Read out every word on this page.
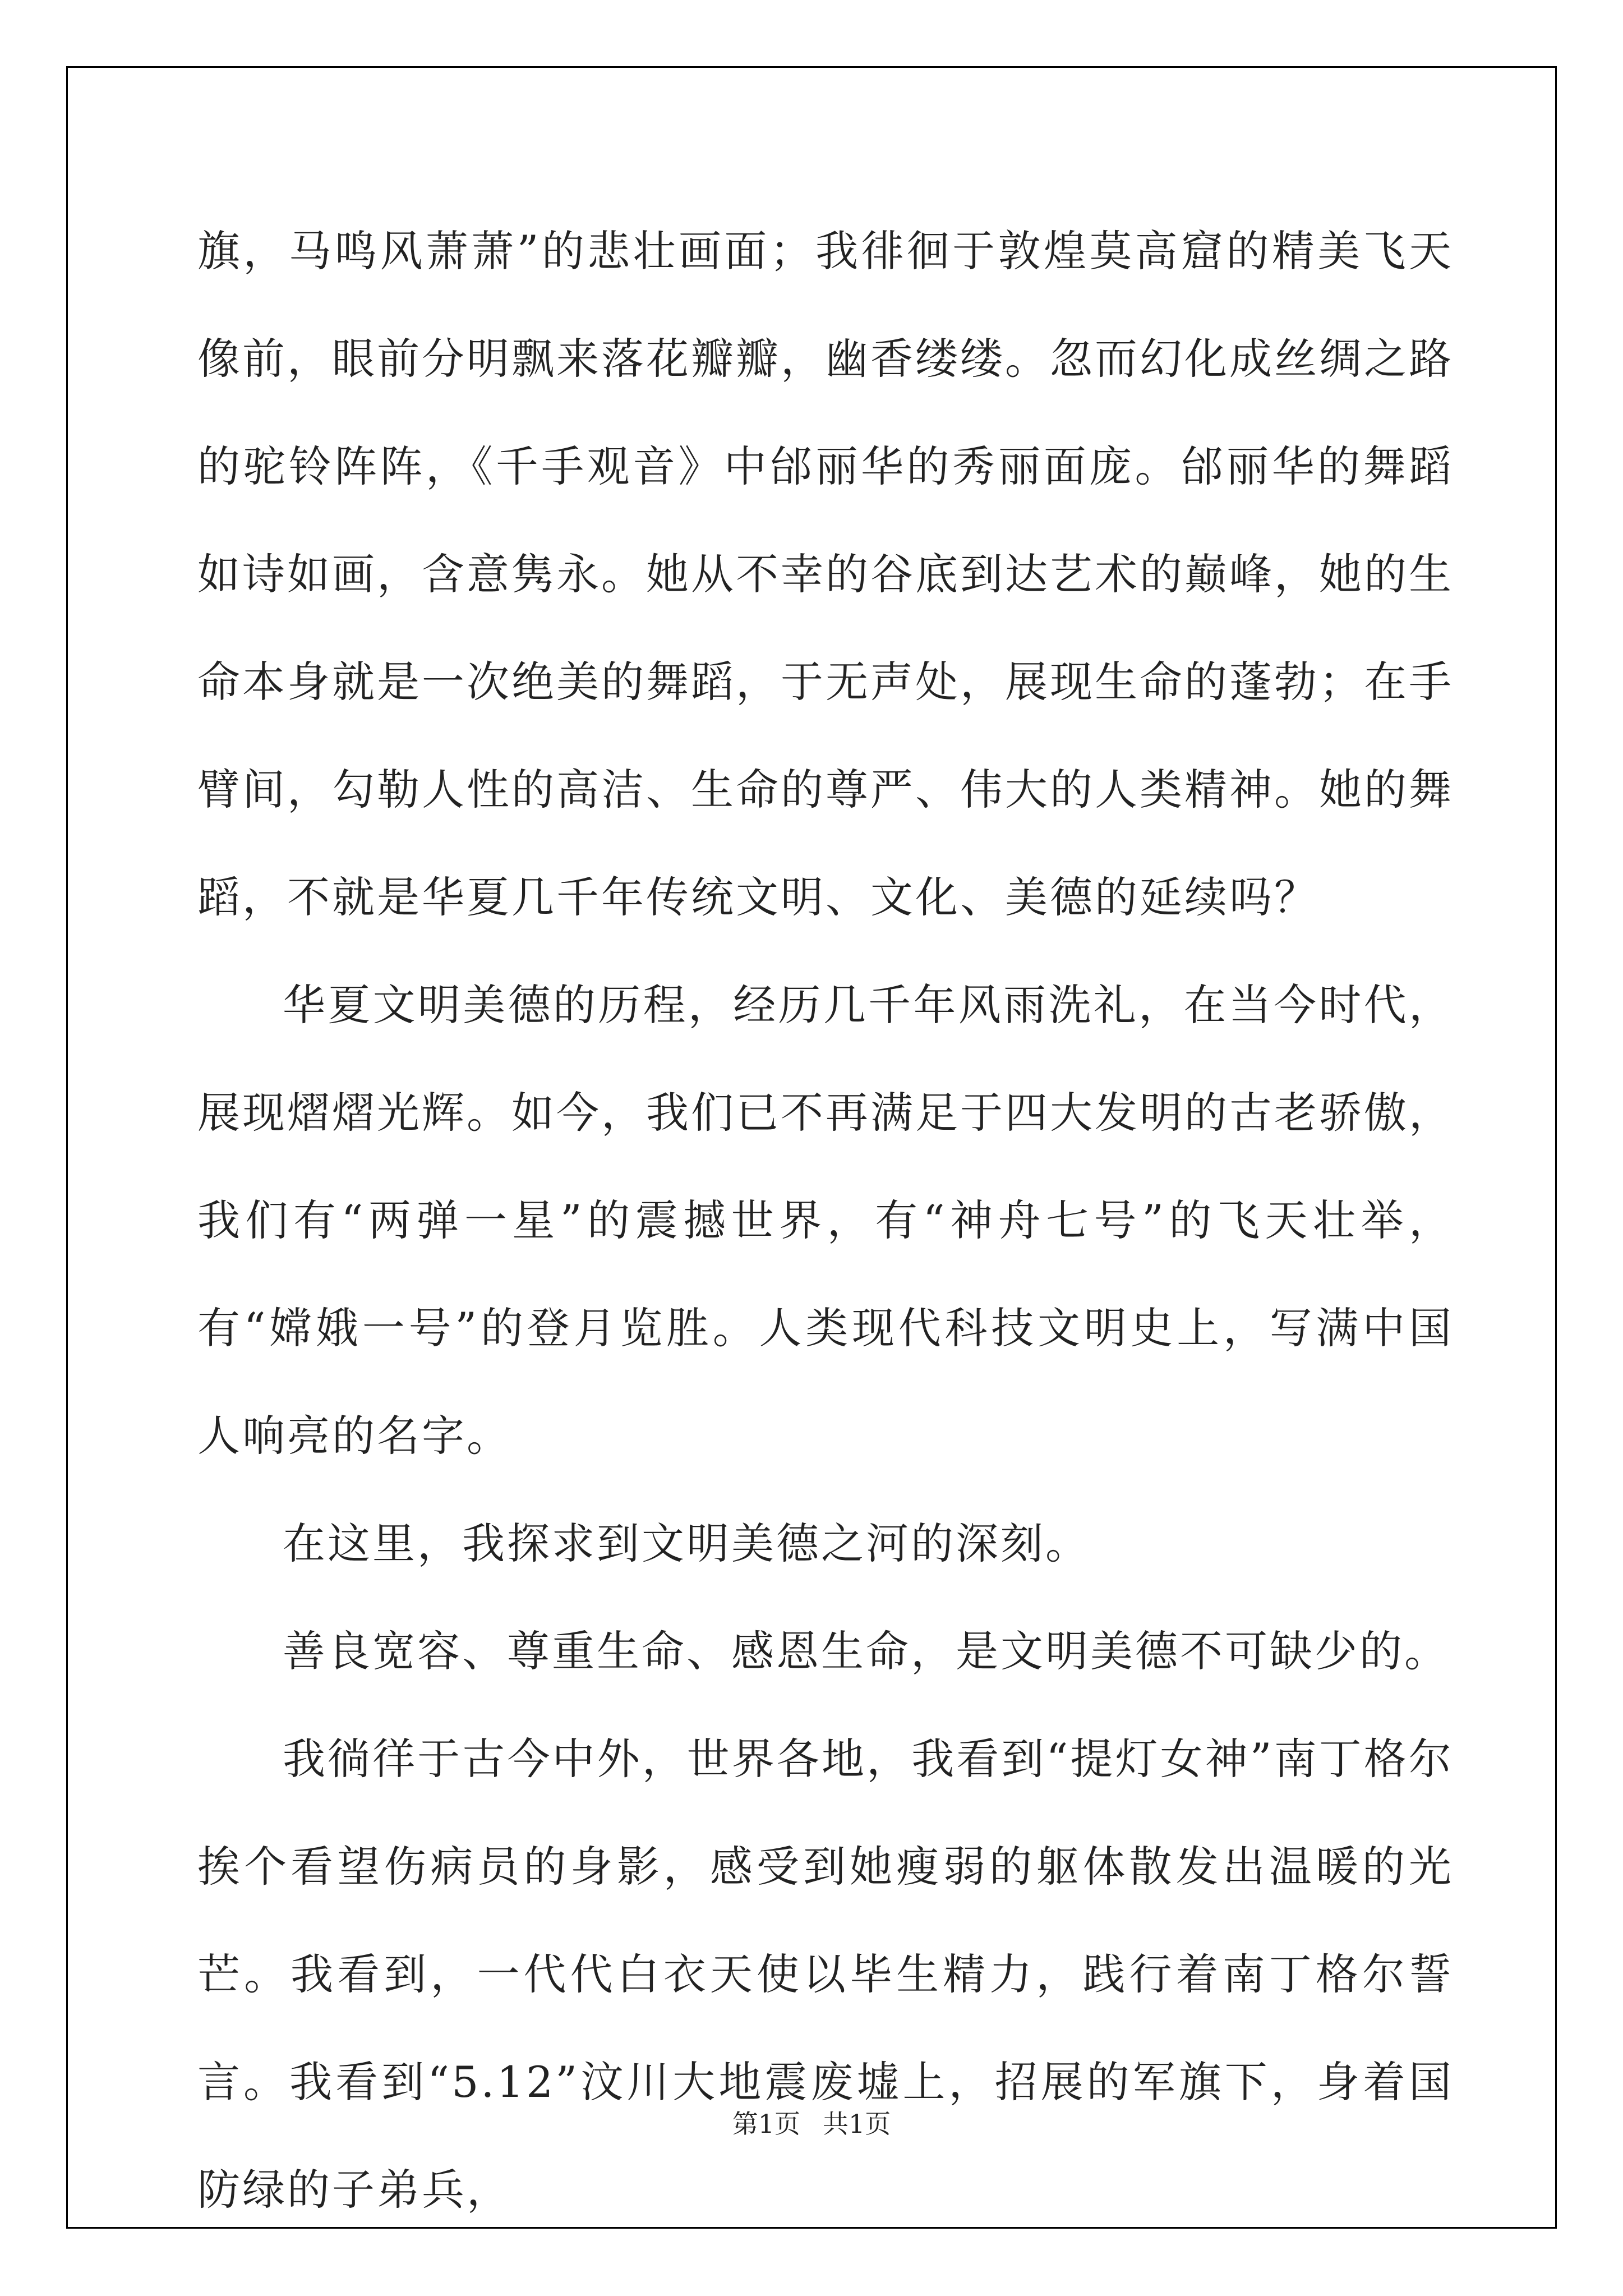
旗，马鸣风萧萧”的悲壮画面；我徘徊于敦煌莫高窟的精美飞天像前，眼前分明飘来落花瓣瓣，幽香缕缕。忽而幻化成丝绸之路的驼铃阵阵，《千手观音》中邰丽华的秀丽面庞。邰丽华的舞蹈如诗如画，含意隽永。她从不幸的谷底到达艺术的巅峰，她的生命本身就是一次绝美的舞蹈，于无声处，展现生命的蓬勃；在手臂间，勾勒人性的高洁、生命的尊严、伟大的人类精神。她的舞蹈，不就是华夏几千年传统文明、文化、美德的延续吗？

华夏文明美德的历程，经历几千年风雨洗礼，在当今时代，展现熠熠光辉。如今，我们已不再满足于四大发明的古老骄傲，我们有“两弹一星”的震撼世界，有“神舟七号”的飞天壮举，有“嫦娥一号”的登月览胜。人类现代科技文明史上，写满中国人响亮的名字。

在这里，我探求到文明美德之河的深刻。

善良宽容、尊重生命、感恩生命，是文明美德不可缺少的。

我徜徉于古今中外，世界各地，我看到“提灯女神”南丁格尔挨个看望伤病员的身影，感受到她瘦弱的躯体散发出温暖的光芒。我看到，一代代白衣天使以毕生精力，践行着南丁格尔誓言。我看到“5.12”汶川大地震废墟上，招展的军旗下，身着国防绿的子弟兵，

第1页 共1页
